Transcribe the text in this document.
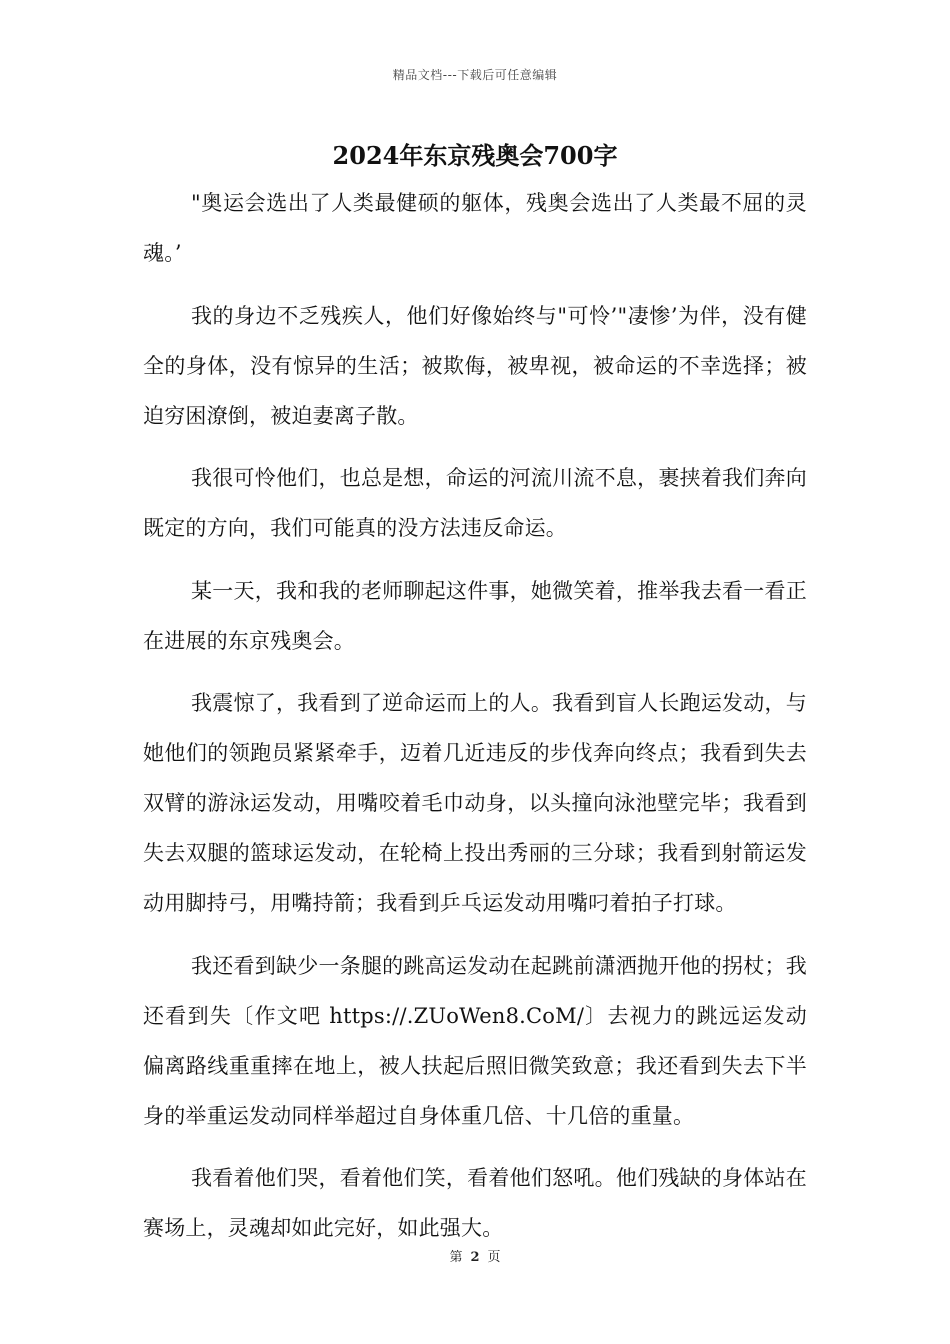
精品文档---下载后可任意编辑
2024年东京残奥会700字

"奥运会选出了人类最健硕的躯体，残奥会选出了人类最不屈的灵魂。’

我的身边不乏残疾人，他们好像始终与"可怜’"凄惨’为伴，没有健全的身体，没有惊异的生活；被欺侮，被卑视，被命运的不幸选择；被迫穷困潦倒，被迫妻离子散。

我很可怜他们，也总是想，命运的河流川流不息，裹挟着我们奔向既定的方向，我们可能真的没方法违反命运。

某一天，我和我的老师聊起这件事，她微笑着，推举我去看一看正在进展的东京残奥会。

我震惊了，我看到了逆命运而上的人。我看到盲人长跑运发动，与她他们的领跑员紧紧牵手，迈着几近违反的步伐奔向终点；我看到失去双臂的游泳运发动，用嘴咬着毛巾动身，以头撞向泳池壁完毕；我看到失去双腿的篮球运发动，在轮椅上投出秀丽的三分球；我看到射箭运发动用脚持弓，用嘴持箭；我看到乒乓运发动用嘴叼着拍子打球。

我还看到缺少一条腿的跳高运发动在起跳前潇洒抛开他的拐杖；我还看到失〔作文吧 https://.ZUoWen8.CoM/〕去视力的跳远运发动偏离路线重重摔在地上，被人扶起后照旧微笑致意；我还看到失去下半身的举重运发动同样举超过自身体重几倍、十几倍的重量。

我看着他们哭，看着他们笑，看着他们怒吼。他们残缺的身体站在赛场上，灵魂却如此完好，如此强大。

第 2 页
